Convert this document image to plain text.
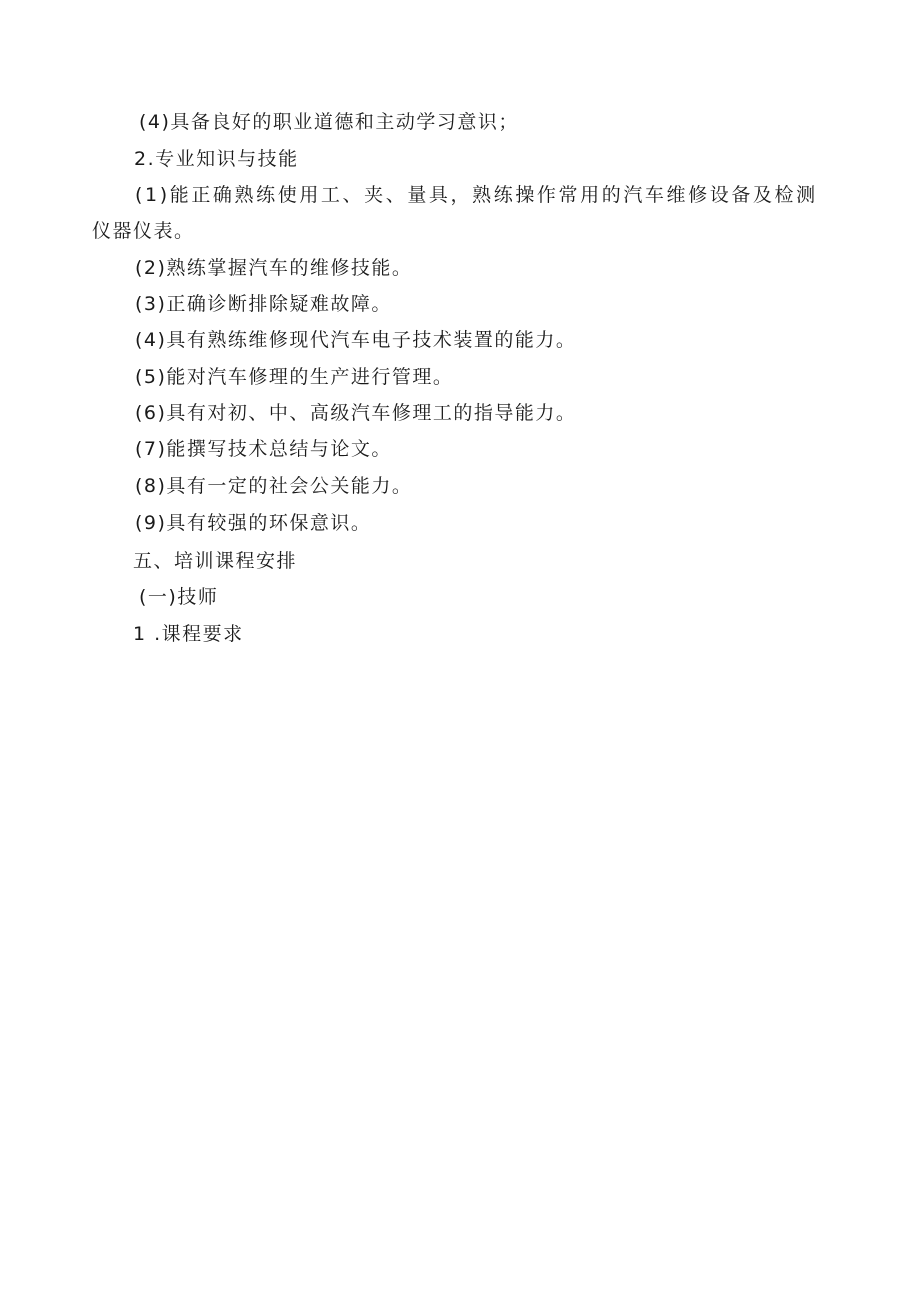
(4)具备良好的职业道德和主动学习意识；
2.专业知识与技能
(1)能正确熟练使用工、夹、量具，熟练操作常用的汽车维修设备及检测
仪器仪表。
(2)熟练掌握汽车的维修技能。
(3)正确诊断排除疑难故障。
(4)具有熟练维修现代汽车电子技术装置的能力。
(5)能对汽车修理的生产进行管理。
(6)具有对初、中、高级汽车修理工的指导能力。
(7)能撰写技术总结与论文。
(8)具有一定的社会公关能力。
(9)具有较强的环保意识。
五、培训课程安排
(一)技师
1 .课程要求
